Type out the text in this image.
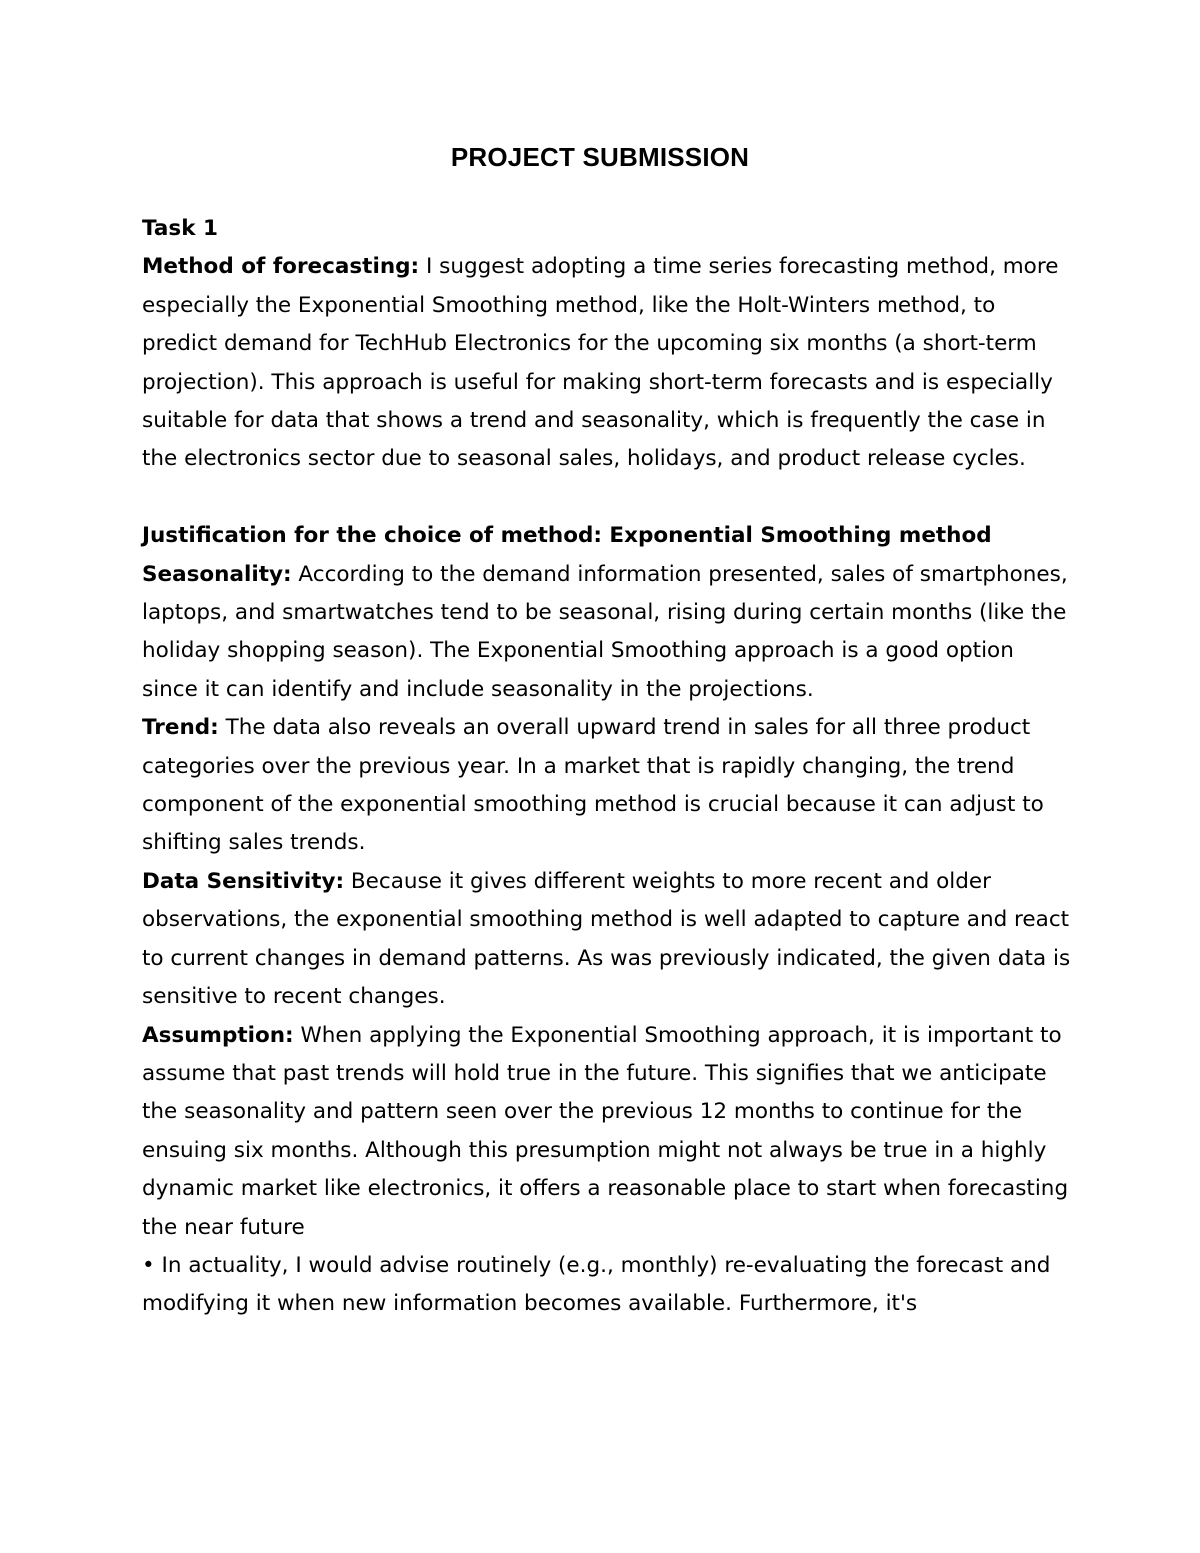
PROJECT SUBMISSION

Task 1

Method of forecasting: I suggest adopting a time series forecasting method, more especially the Exponential Smoothing method, like the Holt-Winters method, to predict demand for TechHub Electronics for the upcoming six months (a short-term projection). This approach is useful for making short-term forecasts and is especially suitable for data that shows a trend and seasonality, which is frequently the case in the electronics sector due to seasonal sales, holidays, and product release cycles.

Justification for the choice of method: Exponential Smoothing method

Seasonality: According to the demand information presented, sales of smartphones, laptops, and smartwatches tend to be seasonal, rising during certain months (like the holiday shopping season). The Exponential Smoothing approach is a good option since it can identify and include seasonality in the projections.

Trend: The data also reveals an overall upward trend in sales for all three product categories over the previous year. In a market that is rapidly changing, the trend component of the exponential smoothing method is crucial because it can adjust to shifting sales trends.

Data Sensitivity: Because it gives different weights to more recent and older observations, the exponential smoothing method is well adapted to capture and react to current changes in demand patterns. As was previously indicated, the given data is sensitive to recent changes.

Assumption: When applying the Exponential Smoothing approach, it is important to assume that past trends will hold true in the future. This signifies that we anticipate the seasonality and pattern seen over the previous 12 months to continue for the ensuing six months. Although this presumption might not always be true in a highly dynamic market like electronics, it offers a reasonable place to start when forecasting the near future

• In actuality, I would advise routinely (e.g., monthly) re-evaluating the forecast and modifying it when new information becomes available. Furthermore, it's
